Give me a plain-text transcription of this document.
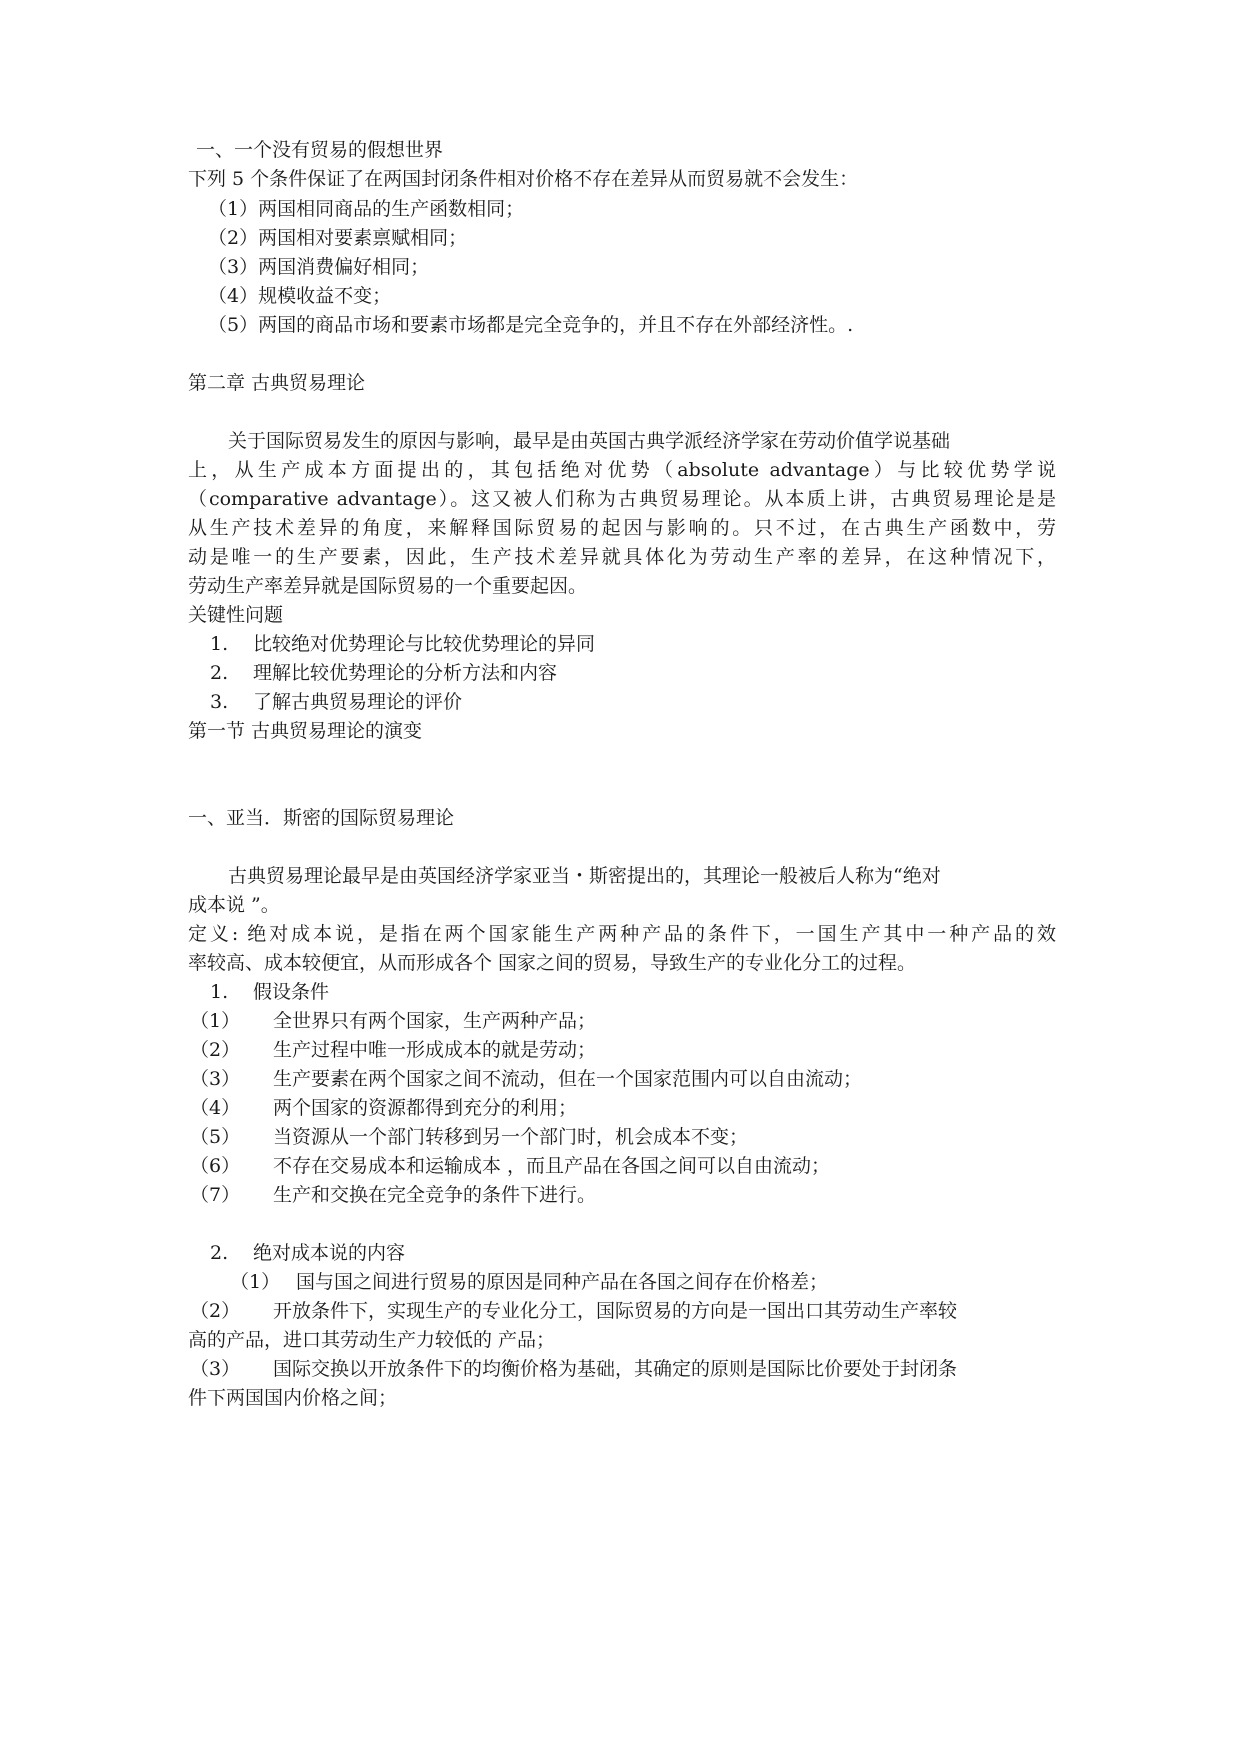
一、一个没有贸易的假想世界
下列 5 个条件保证了在两国封闭条件相对价格不存在差异从而贸易就不会发生：
（1）两国相同商品的生产函数相同；
（2）两国相对要素禀赋相同；
（3）两国消费偏好相同；
（4）规模收益不变；
（5）两国的商品市场和要素市场都是完全竞争的，并且不存在外部经济性。.
第二章 古典贸易理论
关于国际贸易发生的原因与影响，最早是由英国古典学派经济学家在劳动价值学说基础
上，从生产成本方面提出的，其包括绝对优势（absolute advantage）与比较优势学说
（comparative advantage）。这又被人们称为古典贸易理论。从本质上讲，古典贸易理论是是
从生产技术差异的角度，来解释国际贸易的起因与影响的。只不过，在古典生产函数中，劳
动是唯一的生产要素，因此，生产技术差异就具体化为劳动生产率的差异，在这种情况下，
劳动生产率差异就是国际贸易的一个重要起因。
关键性问题
1.	比较绝对优势理论与比较优势理论的异同
2.	理解比较优势理论的分析方法和内容
3.	了解古典贸易理论的评价
第一节 古典贸易理论的演变
一、亚当．斯密的国际贸易理论
古典贸易理论最早是由英国经济学家亚当・斯密提出的，其理论一般被后人称为“绝对
成本说 ”。
定义: 绝对成本说，是指在两个国家能生产两种产品的条件下，一国生产其中一种产品的效
率较高、成本较便宜，从而形成各个 国家之间的贸易，导致生产的专业化分工的过程。
1.	假设条件
（1）	全世界只有两个国家，生产两种产品；
（2）	生产过程中唯一形成成本的就是劳动；
（3）	生产要素在两个国家之间不流动，但在一个国家范围内可以自由流动；
（4）	两个国家的资源都得到充分的利用；
（5）	当资源从一个部门转移到另一个部门时，机会成本不变；
（6）	不存在交易成本和运输成本 ，而且产品在各国之间可以自由流动；
（7）	生产和交换在完全竞争的条件下进行。
2.	绝对成本说的内容
（1） 国与国之间进行贸易的原因是同种产品在各国之间存在价格差；
（2）	开放条件下，实现生产的专业化分工，国际贸易的方向是一国出口其劳动生产率较
高的产品，进口其劳动生产力较低的 产品；
（3）	国际交换以开放条件下的均衡价格为基础，其确定的原则是国际比价要处于封闭条
件下两国国内价格之间；
